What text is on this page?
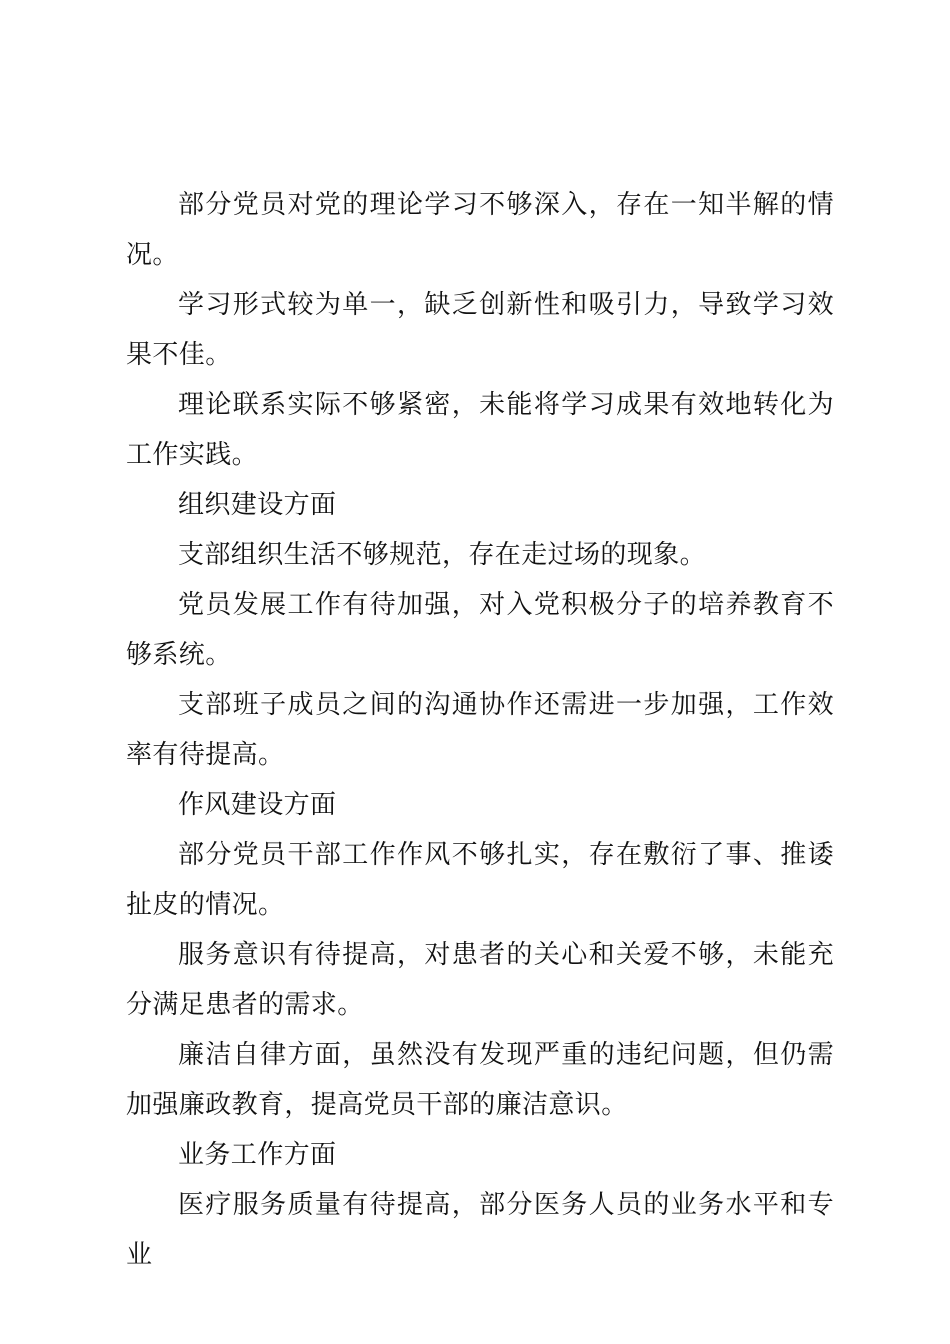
部分党员对党的理论学习不够深入，存在一知半解的情况。

学习形式较为单一，缺乏创新性和吸引力，导致学习效果不佳。

理论联系实际不够紧密，未能将学习成果有效地转化为工作实践。

组织建设方面

支部组织生活不够规范，存在走过场的现象。

党员发展工作有待加强，对入党积极分子的培养教育不够系统。

支部班子成员之间的沟通协作还需进一步加强，工作效率有待提高。

作风建设方面

部分党员干部工作作风不够扎实，存在敷衍了事、推诿扯皮的情况。

服务意识有待提高，对患者的关心和关爱不够，未能充分满足患者的需求。

廉洁自律方面，虽然没有发现严重的违纪问题，但仍需加强廉政教育，提高党员干部的廉洁意识。

业务工作方面

医疗服务质量有待提高，部分医务人员的业务水平和专业
